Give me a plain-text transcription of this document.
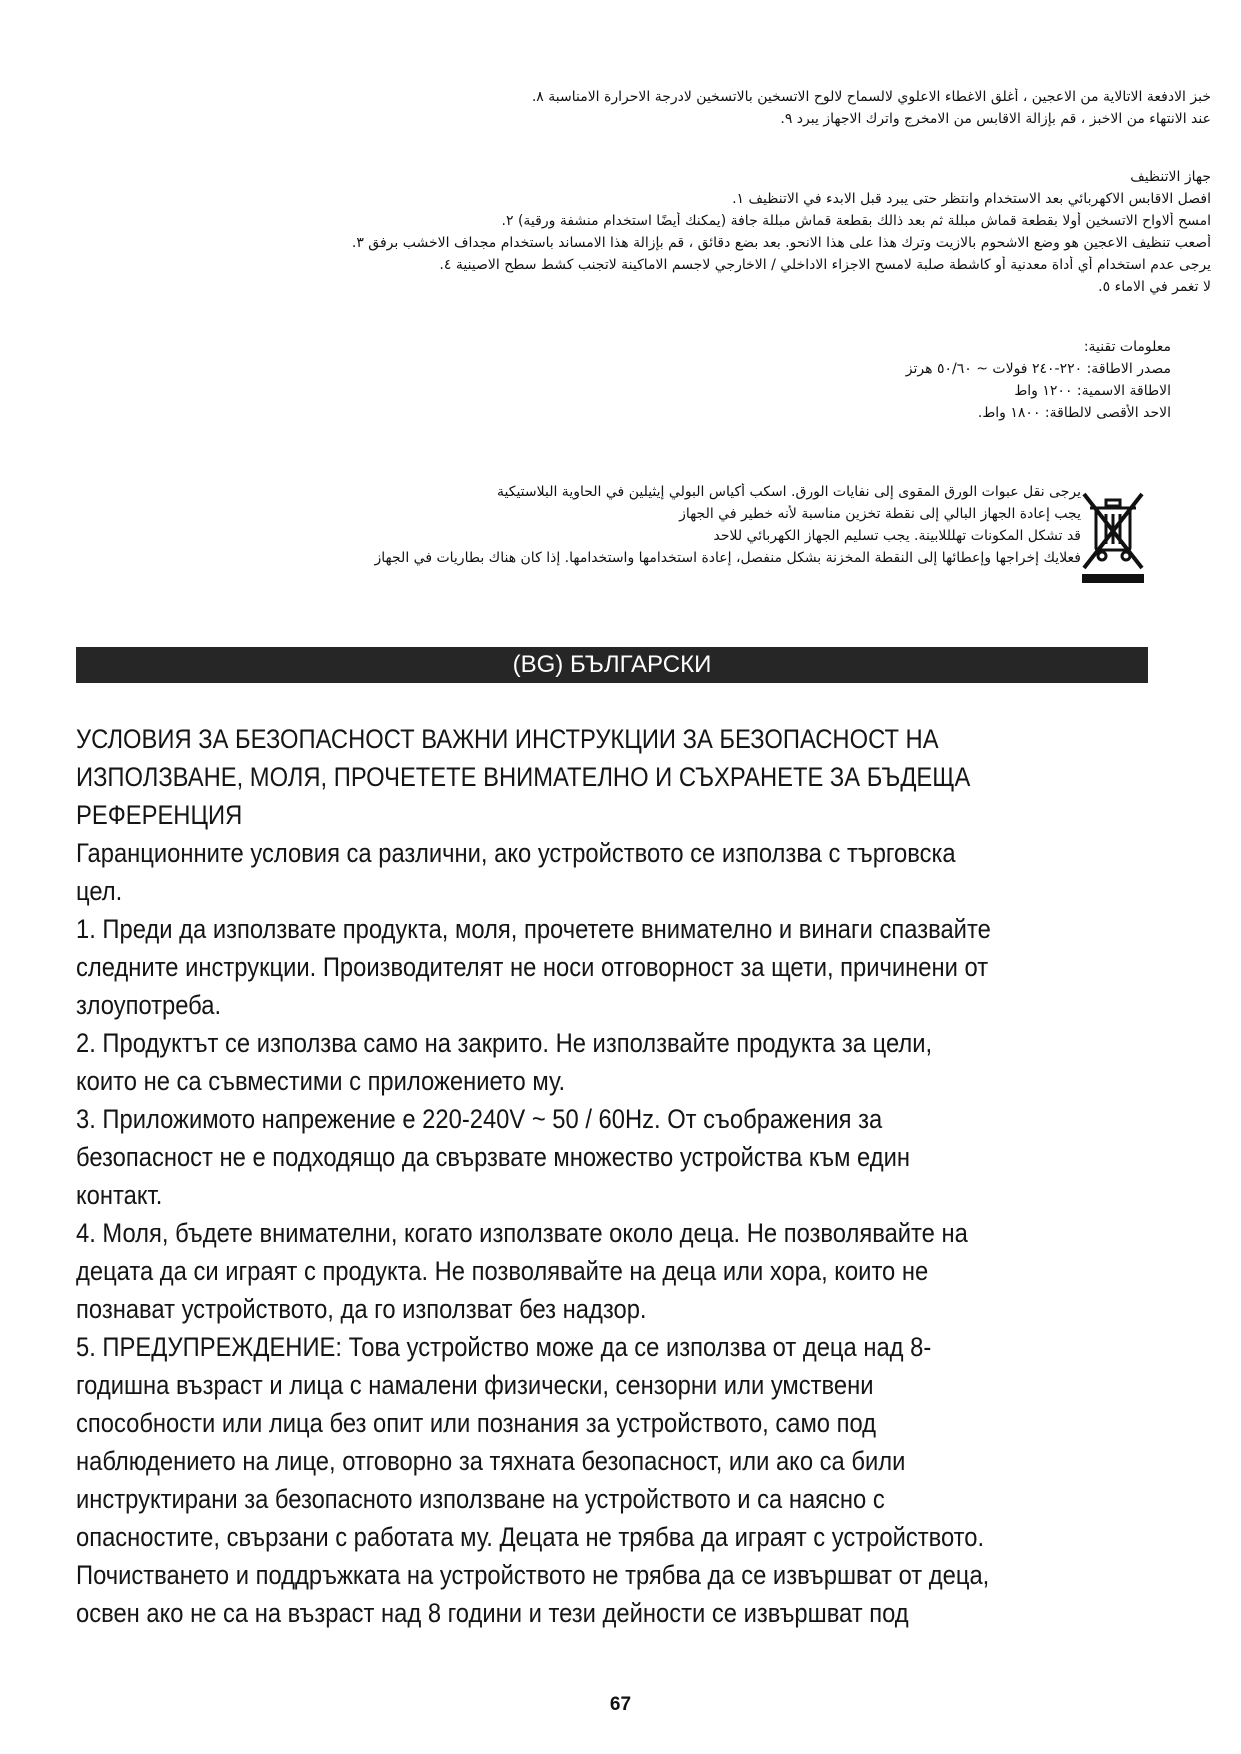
خبز الادفعة الاتالاية من الاعجين ، أغلق الاغطاء الاعلوي لالسماح لالوح الاتسخين بالاتسخين لادرجة الاحرارة الامناسبة ٨.
عند الانتهاء من الاخبز ، قم بإزالة الاقابس من الامخرج واترك الاجهاز يبرد ٩.
جهاز الاتنظيف
افصل الاقابس الاكهربائي بعد الاستخدام وانتظر حتى يبرد قبل الابدء في الاتنظيف ١.
امسح ألاواح الاتسخين أولا بقطعة قماش مبللة ثم بعد ذالك بقطعة قماش مبللة جافة (يمكنك أيضًا استخدام منشفة ورقية) ٢.
أصعب تنظيف الاعجين هو وضع الاشحوم بالازيت وترك هذا على هذا الانحو. بعد بضع دقائق ، قم بإزالة هذا الامساند باستخدام مجداف الاخشب برفق ٣.
يرجى عدم استخدام أي أداة معدنية أو كاشطة صلبة لامسح الاجزاء الاداخلي / الاخارجي لاجسم الاماكينة لاتجنب كشط سطح الاصينية ٤.
لا تغمر في الاماء ٥.
معلومات تقنية:
مصدر الاطاقة: ٢٢٠-٢٤٠ فولات ~ ٥٠/٦٠ هرتز
الاطاقة الاسمية: ١٢٠٠ واط
الاحد الأقصى لالطاقة: ١٨٠٠ واط.
يرجى نقل عبوات الورق المقوى إلى نفايات الورق. اسكب أكياس البولي إيثيلين في الحاوية البلاستيكية
يجب إعادة الجهاز البالي إلى نقطة تخزين مناسبة لأنه خطير في الجهاز
قد تشكل المكونات تهلللابينة. يجب تسليم الجهاز الكهربائي للاحد
فعلايك إخراجها وإعطائها إلى النقطة المخزنة بشكل منفصل، إعادة استخدامها واستخدامها. إذا كان هناك بطاريات في الجهاز
(BG) БЪЛГАРСКИ
УСЛОВИЯ ЗА БЕЗОПАСНОСТ ВАЖНИ ИНСТРУКЦИИ ЗА БЕЗОПАСНОСТ НА
ИЗПОЛЗВАНЕ, МОЛЯ, ПРОЧЕТЕТЕ ВНИМАТЕЛНО И СЪХРАНЕТЕ ЗА БЪДЕЩА
РЕФЕРЕНЦИЯ
Гаранционните условия са различни, ако устройството се използва с търговска
цел.
1. Преди да използвате продукта, моля, прочетете внимателно и винаги спазвайте
следните инструкции. Производителят не носи отговорност за щети, причинени от
злоупотреба.
2. Продуктът се използва само на закрито. Не използвайте продукта за цели,
които не са съвместими с приложението му.
3. Приложимото напрежение е 220-240V ~ 50 / 60Hz. От съображения за
безопасност не е подходящо да свързвате множество устройства към един
контакт.
4. Моля, бъдете внимателни, когато използвате около деца. Не позволявайте на
децата да си играят с продукта. Не позволявайте на деца или хора, които не
познават устройството, да го използват без надзор.
5. ПРЕДУПРЕЖДЕНИЕ: Това устройство може да се използва от деца над 8-
годишна възраст и лица с намалени физически, сензорни или умствени
способности или лица без опит или познания за устройството, само под
наблюдението на лице, отговорно за тяхната безопасност, или ако са били
инструктирани за безопасното използване на устройството и са наясно с
опасностите, свързани с работата му. Децата не трябва да играят с устройството.
Почистването и поддръжката на устройството не трябва да се извършват от деца,
освен ако не са на възраст над 8 години и тези дейности се извършват под
67
